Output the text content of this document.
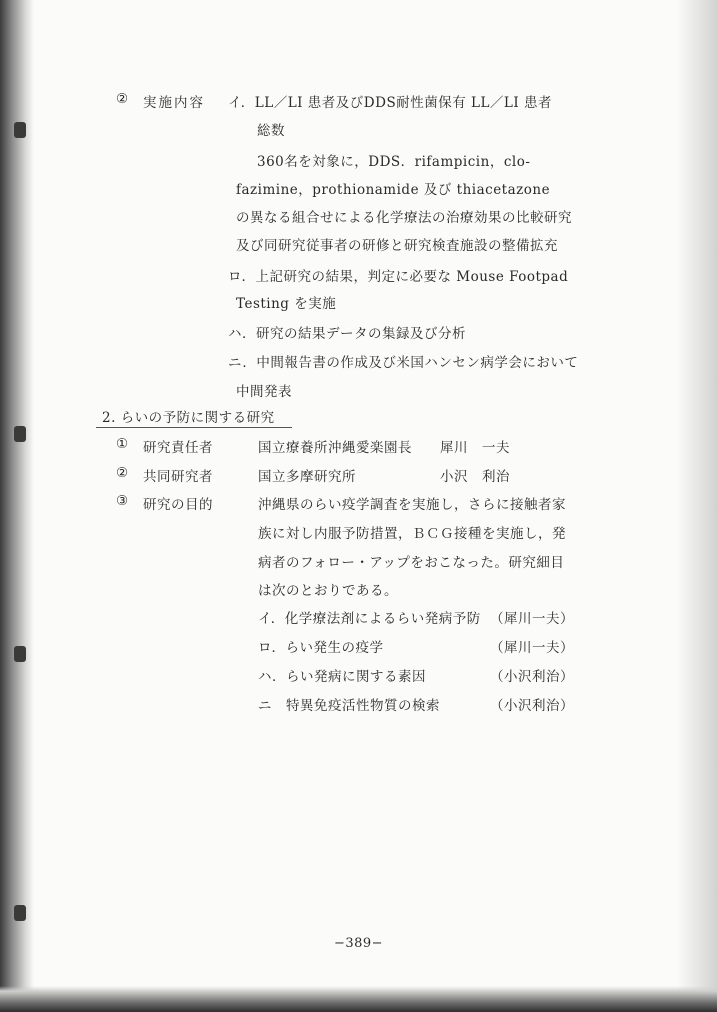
② 実施内容 イ．LL／LI 患者及びDDS耐性菌保有 LL／LI 患者
総数
360名を対象に，DDS．rifampicin，clo-
fazimine，prothionamide 及び thiacetazone
の異なる組合せによる化学療法の治療効果の比較研究
及び同研究従事者の研修と研究検査施設の整備拡充
ロ．上記研究の結果，判定に必要な Mouse Footpad
Testing を実施
ハ．研究の結果データの集録及び分析
ニ．中間報告書の作成及び米国ハンセン病学会において
中間発表
2. らいの予防に関する研究
① 研究責任者	国立療養所沖縄愛楽園長 犀川　一夫
② 共同研究者	国立多摩研究所	小沢　利治
③ 研究の目的	沖縄県のらい疫学調査を実施し，さらに接触者家
族に対し内服予防措置，ＢＣＧ接種を実施し，発
病者のフォロー・アップをおこなった。研究細目
は次のとおりである。
イ．化学療法剤によるらい発病予防 （犀川一夫）
ロ．らい発生の疫学	（犀川一夫）
ハ．らい発病に関する素因	（小沢利治）
ニ　特異免疫活性物質の検索	（小沢利治）
−389−
